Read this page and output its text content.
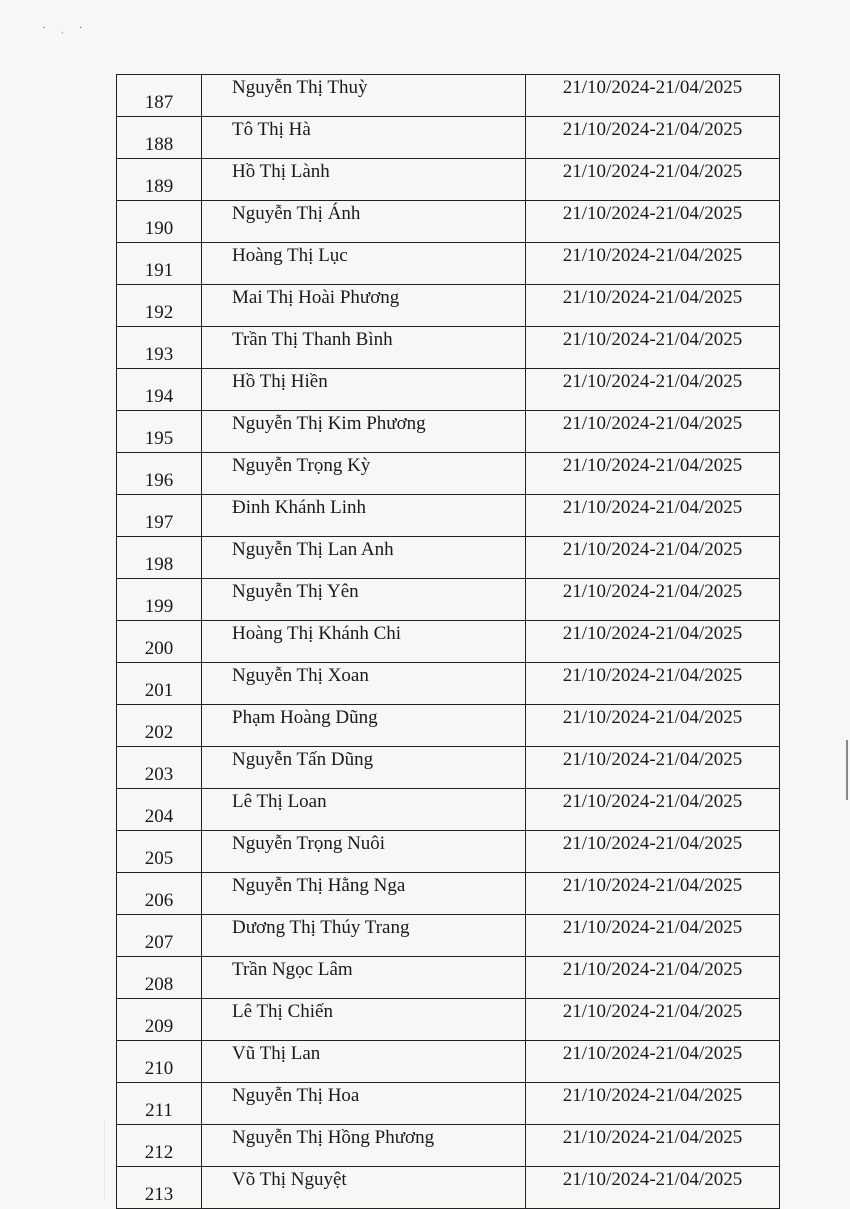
· ˌ ·
187	Nguyễn Thị Thuỳ	21/10/2024-21/04/2025
188	Tô Thị Hà	21/10/2024-21/04/2025
189	Hồ Thị Lành	21/10/2024-21/04/2025
190	Nguyễn Thị Ánh	21/10/2024-21/04/2025
191	Hoàng Thị Lục	21/10/2024-21/04/2025
192	Mai Thị Hoài Phương	21/10/2024-21/04/2025
193	Trần Thị Thanh Bình	21/10/2024-21/04/2025
194	Hồ Thị Hiền	21/10/2024-21/04/2025
195	Nguyễn Thị Kim Phương	21/10/2024-21/04/2025
196	Nguyễn Trọng Kỳ	21/10/2024-21/04/2025
197	Đinh Khánh Linh	21/10/2024-21/04/2025
198	Nguyễn Thị Lan Anh	21/10/2024-21/04/2025
199	Nguyễn Thị Yên	21/10/2024-21/04/2025
200	Hoàng Thị Khánh Chi	21/10/2024-21/04/2025
201	Nguyễn Thị Xoan	21/10/2024-21/04/2025
202	Phạm Hoàng Dũng	21/10/2024-21/04/2025
203	Nguyễn Tấn Dũng	21/10/2024-21/04/2025
204	Lê Thị Loan	21/10/2024-21/04/2025
205	Nguyễn Trọng Nuôi	21/10/2024-21/04/2025
206	Nguyễn Thị Hằng Nga	21/10/2024-21/04/2025
207	Dương Thị Thúy Trang	21/10/2024-21/04/2025
208	Trần Ngọc Lâm	21/10/2024-21/04/2025
209	Lê Thị Chiến	21/10/2024-21/04/2025
210	Vũ Thị Lan	21/10/2024-21/04/2025
211	Nguyễn Thị Hoa	21/10/2024-21/04/2025
212	Nguyễn Thị Hồng Phương	21/10/2024-21/04/2025
213	Võ Thị Nguyệt	21/10/2024-21/04/2025
